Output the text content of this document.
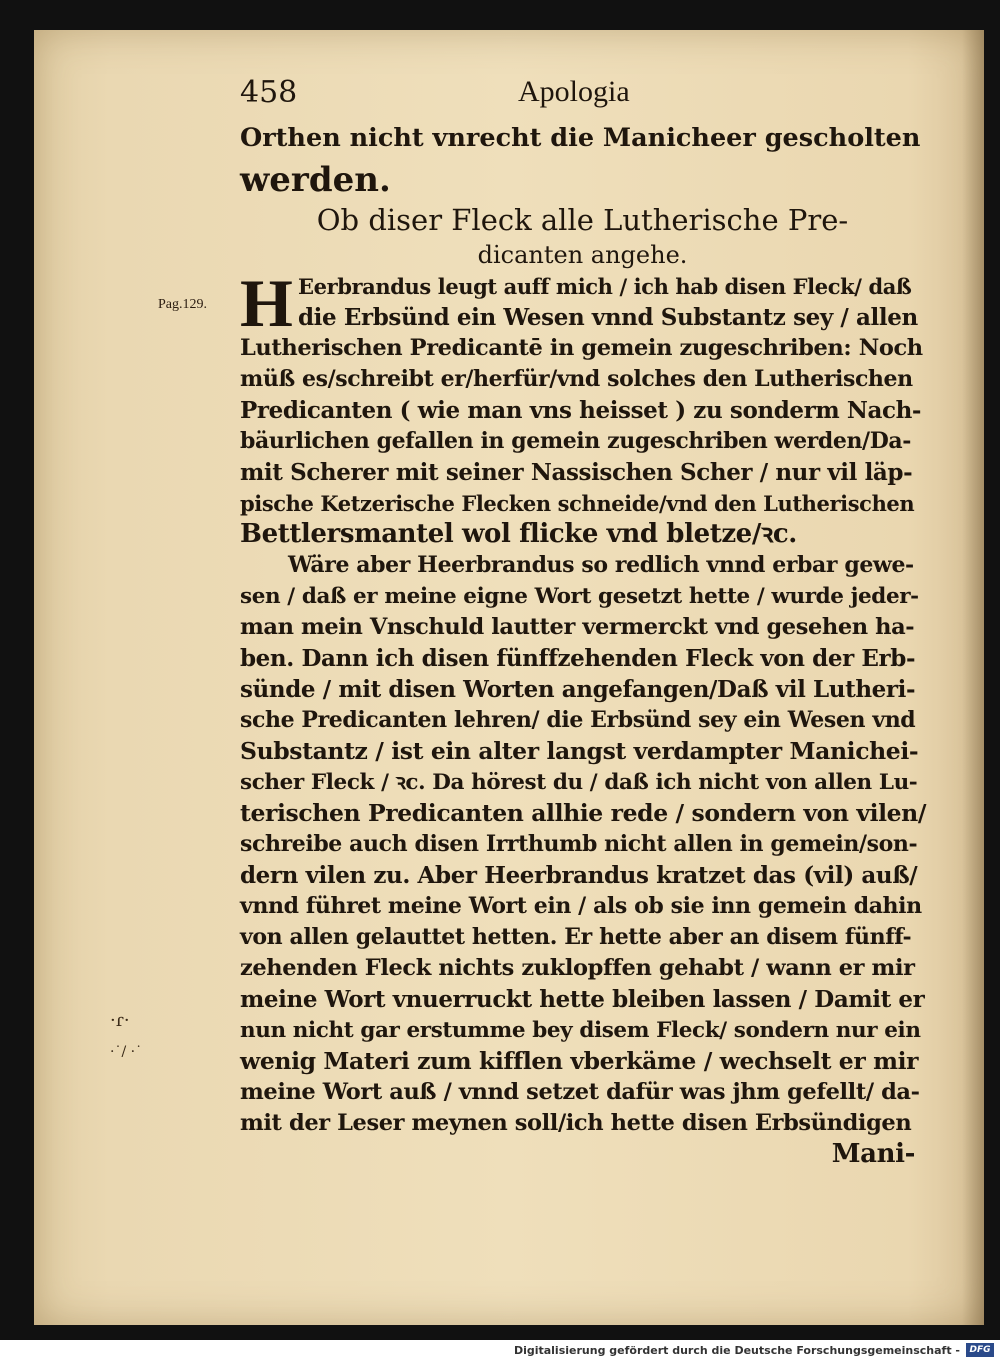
Pag.129.
·ɾ·
·˙/ ·˙
458	Apologia
Orthen nicht vnrecht die Manicheer gescholten
werden.
Ob diser Fleck alle Lutherische Pre-
dicanten angehe.
H Eerbrandus leugt auff mich / ich hab disen Fleck/ daß
die Erbsünd ein Wesen vnnd Substantz sey / allen
Lutherischen Predicantē in gemein zugeschriben: Noch
müß es/schreibt er/herfür/vnd solches den Lutherischen
Predicanten ( wie man vns heisset ) zu sonderm Nach-
bäurlichen gefallen in gemein zugeschriben werden/Da-
mit Scherer mit seiner Nassischen Scher / nur vil läp-
pische Ketzerische Flecken schneide/vnd den Lutherischen
Bettlersmantel wol flicke vnd bletze/ꝛc.
Wäre aber Heerbrandus so redlich vnnd erbar gewe-
sen / daß er meine eigne Wort gesetzt hette / wurde jeder-
man mein Vnschuld lautter vermerckt vnd gesehen ha-
ben. Dann ich disen fünffzehenden Fleck von der Erb-
sünde / mit disen Worten angefangen/Daß vil Lutheri-
sche Predicanten lehren/ die Erbsünd sey ein Wesen vnd
Substantz / ist ein alter langst verdampter Manichei-
scher Fleck / ꝛc. Da hörest du / daß ich nicht von allen Lu-
terischen Predicanten allhie rede / sondern von vilen/
schreibe auch disen Irrthumb nicht allen in gemein/son-
dern vilen zu. Aber Heerbrandus kratzet das (vil) auß/
vnnd führet meine Wort ein / als ob sie inn gemein dahin
von allen gelauttet hetten. Er hette aber an disem fünff-
zehenden Fleck nichts zuklopffen gehabt / wann er mir
meine Wort vnuerruckt hette bleiben lassen / Damit er
nun nicht gar erstumme bey disem Fleck/ sondern nur ein
wenig Materi zum kifflen vberkäme / wechselt er mir
meine Wort auß / vnnd setzet dafür was jhm gefellt/ da-
mit der Leser meynen soll/ich hette disen Erbsündigen
Mani-
Digitalisierung gefördert durch die Deutsche Forschungsgemeinschaft -	DFG
